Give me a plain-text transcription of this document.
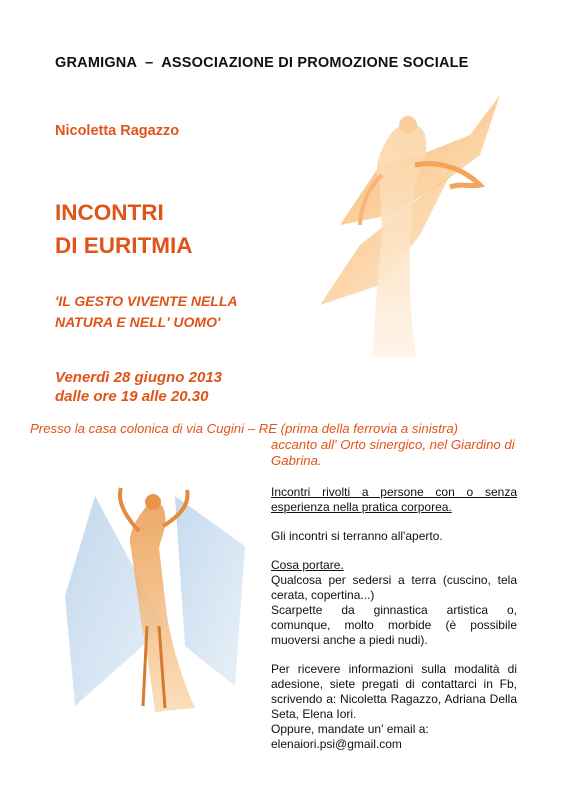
GRAMIGNA  –  ASSOCIAZIONE DI PROMOZIONE SOCIALE
Nicoletta Ragazzo
INCONTRI
DI EURITMIA
'IL GESTO VIVENTE NELLA
NATURA E NELL' UOMO'
Venerdì 28 giugno 2013
dalle ore 19 alle 20.30
Presso la casa colonica di via Cugini – RE (prima della ferrovia a sinistra)
accanto all' Orto sinergico, nel Giardino di Gabrina.

Incontri rivolti a persone con o senza esperienza nella pratica corporea.

Gli incontri si terranno all'aperto.

Cosa portare.

Qualcosa per sedersi a terra (cuscino, tela cerata, copertina...)

Scarpette da ginnastica artistica o, comunque, molto morbide (è possibile muoversi anche a piedi nudi).

Per ricevere informazioni sulla modalità di adesione, siete pregati di contattarci in Fb, scrivendo a: Nicoletta Ragazzo, Adriana Della Seta, Elena Iori.

Oppure, mandate un' email a:

elenaiori.psi@gmail.com
